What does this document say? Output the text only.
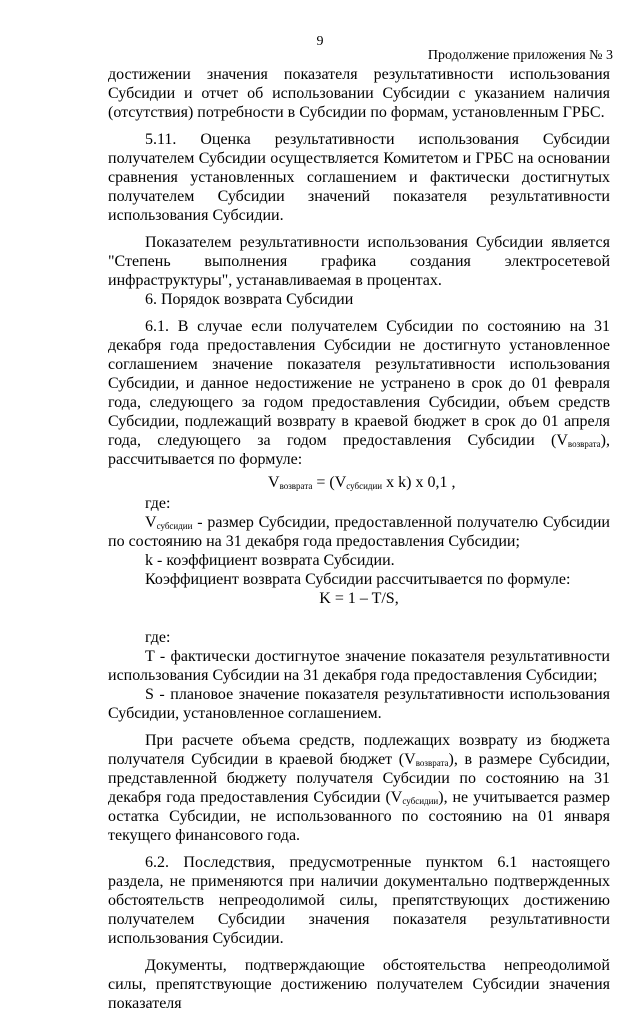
9
Продолжение приложения № 3

достижении значения показателя результативности использования Субсидии и отчет об использовании Субсидии с указанием наличия (отсутствия) потребности в Субсидии по формам, установленным ГРБС.

5.11. Оценка результативности использования Субсидии получателем Субсидии осуществляется Комитетом и ГРБС на основании сравнения установленных соглашением и фактически достигнутых получателем Субсидии значений показателя результативности использования Субсидии.

Показателем результативности использования Субсидии является "Степень выполнения графика создания электросетевой инфраструктуры", устанавливаемая в процентах.

6. Порядок возврата Субсидии

6.1. В случае если получателем Субсидии по состоянию на 31 декабря года предоставления Субсидии не достигнуто установленное соглашением значение показателя результативности использования Субсидии, и данное недостижение не устранено в срок до 01 февраля года, следующего за годом предоставления Субсидии, объем средств Субсидии, подлежащий возврату в краевой бюджет в срок до 01 апреля года, следующего за годом предоставления Субсидии $(V_{возврата})$, рассчитывается по формуле:

$V_{возврата} = (V_{субсидии}$ x k) x 0,1 ,

где:

$V_{субсидии}$ - размер Субсидии, предоставленной получателю Субсидии по состоянию на 31 декабря года предоставления Субсидии;

k - коэффициент возврата Субсидии.

Коэффициент возврата Субсидии рассчитывается по формуле:

K = 1 – T/S,

где:

T - фактически достигнутое значение показателя результативности использования Субсидии на 31 декабря года предоставления Субсидии;

S - плановое значение показателя результативности использования Субсидии, установленное соглашением.

При расчете объема средств, подлежащих возврату из бюджета получателя Субсидии в краевой бюджет $(V_{возврата})$, в размере Субсидии, представленной бюджету получателя Субсидии по состоянию на 31 декабря года предоставления Субсидии $(V_{субсидии})$, не учитывается размер остатка Субсидии, не использованного по состоянию на 01 января текущего финансового года.

6.2. Последствия, предусмотренные пунктом 6.1 настоящего раздела, не применяются при наличии документально подтвержденных обстоятельств непреодолимой силы, препятствующих достижению получателем Субсидии значения показателя результативности использования Субсидии.

Документы, подтверждающие обстоятельства непреодолимой силы, препятствующие достижению получателем Субсидии значения показателя
